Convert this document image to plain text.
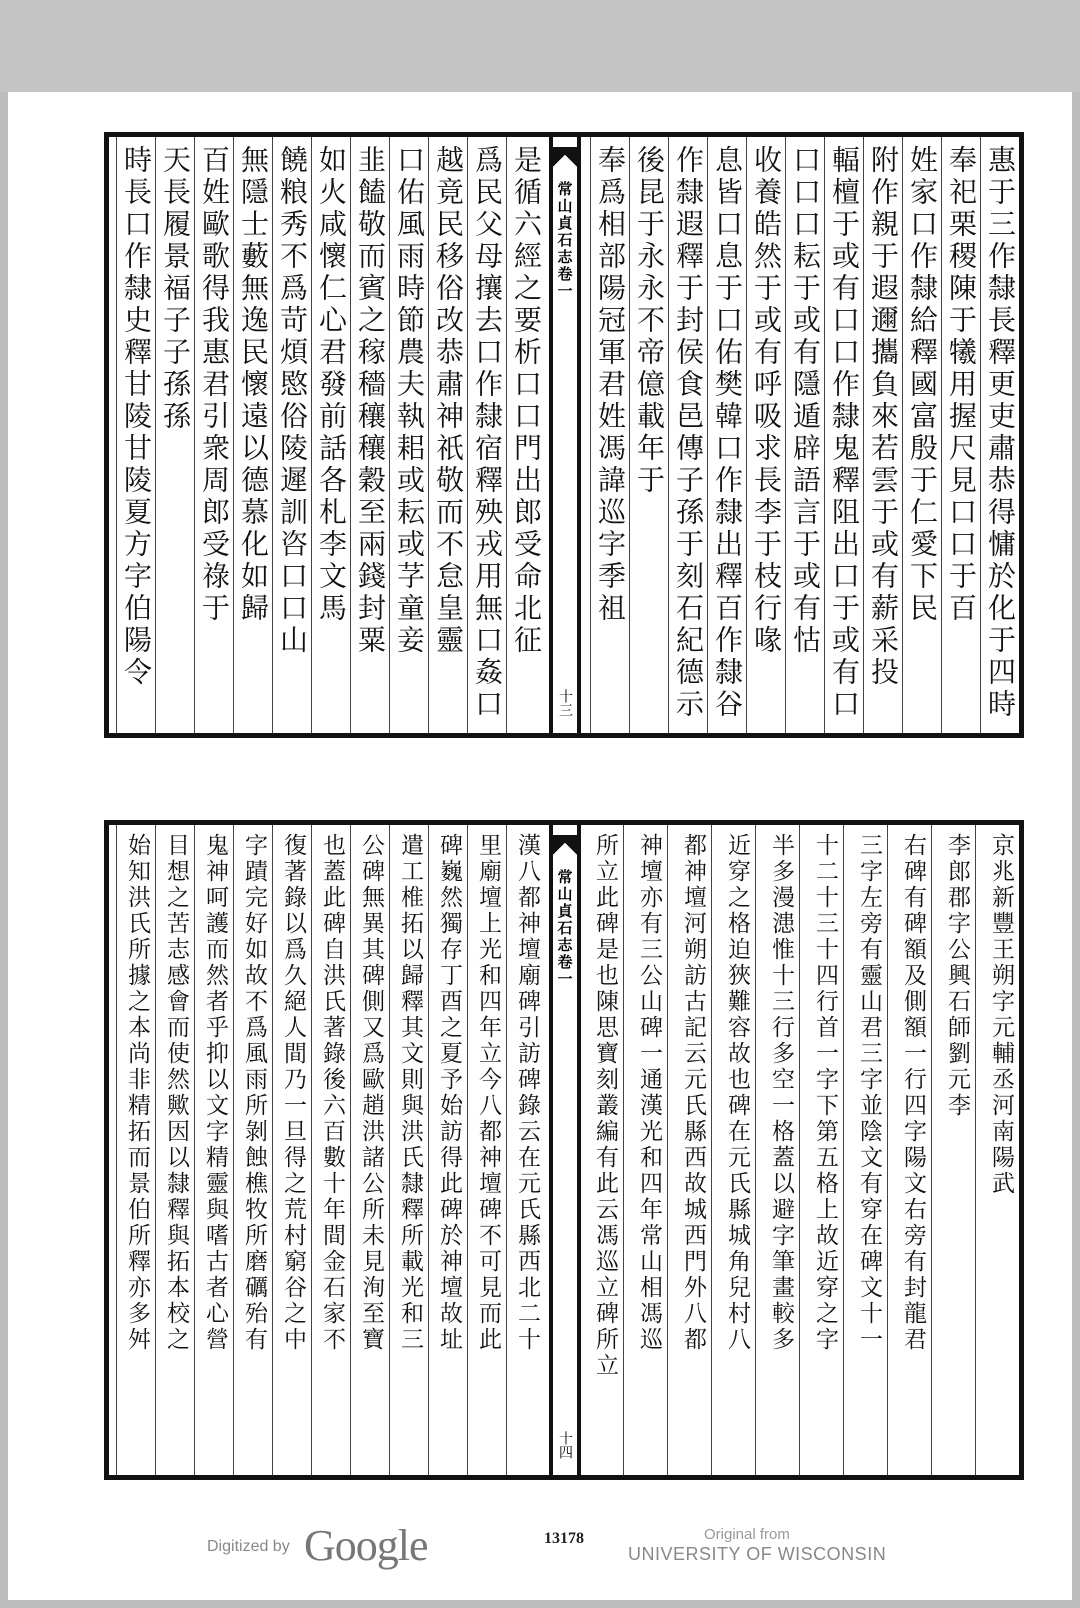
惠于三作隸長釋更吏肅恭得慵於化于四時
奉祀栗稷陳于犧用握尺見口口于百
姓家口作隸給釋國富殷于仁愛下民
附作親于遐邇攜負來若雲于或有薪采投
輻檀于或有口口作隸鬼釋阻出口于或有口
口口口耘于或有隱遁辟語言于或有怙
收養皓然于或有呼吸求長李于枝行喙
息皆口息于口佑樊韓口作隸出釋百作隸谷
作隸遐釋于封侯食邑傳子孫于刻石紀德示
後昆于永永不帝億載年于
奉爲相部陽冠軍君姓馮諱巡字季祖
常山貞石志卷一
十三
是循六經之要析口口門出郎受命北征
爲民父母攘去口作隸宿釋殃戎用無口姦口
越竟民移俗改恭肅神祇敬而不怠皇靈
口佑風雨時節農夫執耜或耘或芓童妾
韭饁敬而賓之稼穡穰穰穀至兩錢封粟
如火咸懷仁心君發前話各札李文馬
饒粮秀不爲苛煩愍俗陵遲訓咨口口山
無隱士藪無逸民懷遠以德慕化如歸
百姓歐歌得我惠君引衆周郎受祿于
天長履景福子子孫孫
時長口作隸史釋甘陵甘陵夏方字伯陽令
京兆新豐王朔字元輔丞河南陽武
李郎郡字公興石師劉元李
右碑有碑額及側額一行四字陽文右旁有封龍君
三字左旁有靈山君三字並陰文有穿在碑文十一
十二十三十四行首一字下第五格上故近穿之字
半多漫漶惟十三行多空一格蓋以避字筆畫較多
近穿之格迫狹難容故也碑在元氏縣城角兒村八
都神壇河朔訪古記云元氏縣西故城西門外八都
神壇亦有三公山碑一通漢光和四年常山相馮巡
所立此碑是也陳思寶刻叢編有此云馮巡立碑所立
常山貞石志卷一
十四
漢八都神壇廟碑引訪碑錄云在元氏縣西北二十
里廟壇上光和四年立今八都神壇碑不可見而此
碑巍然獨存丁酉之夏予始訪得此碑於神壇故址
遣工椎拓以歸釋其文則與洪氏隸釋所載光和三
公碑無異其碑側又爲歐趙洪諸公所未見洵至寶
也蓋此碑自洪氏著錄後六百數十年間金石家不
復著錄以爲久絕人間乃一旦得之荒村窮谷之中
字蹟完好如故不爲風雨所剝蝕樵牧所磨礪殆有
鬼神呵護而然者乎抑以文字精靈與嗜古者心營
目想之苦志感會而使然歟因以隸釋與拓本校之
始知洪氏所據之本尚非精拓而景伯所釋亦多舛
Digitized by Google	13178	Original from
UNIVERSITY OF WISCONSIN
